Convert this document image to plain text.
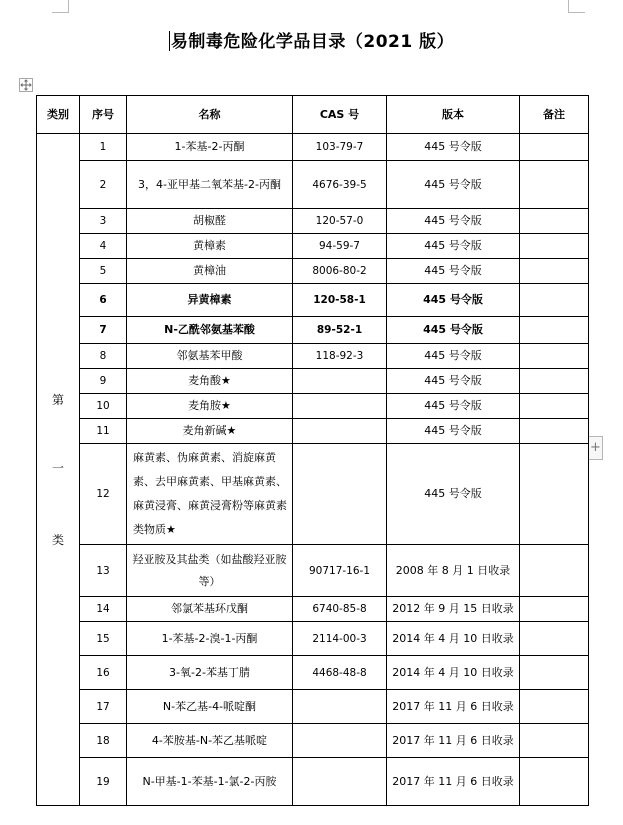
易制毒危险化学品目录（2021 版）
+
类别	序号	名称	CAS 号	版本	备注

第
一
类	1	1-苯基-2-丙酮	103-79-7	445 号令版	
	2	3，4-亚甲基二氧苯基-2-丙酮	4676-39-5	445 号令版	
	3	胡椒醛	120-57-0	445 号令版	
	4	黄樟素	94-59-7	445 号令版	
	5	黄樟油	8006-80-2	445 号令版	
	6	异黄樟素	120-58-1	445 号令版	
	7	N-乙酰邻氨基苯酸	89-52-1	445 号令版	
	8	邻氨基苯甲酸	118-92-3	445 号令版	
	9	麦角酸★		445 号令版	
	10	麦角胺★		445 号令版	
	11	麦角新碱★		445 号令版	
	12	麻黄素、伪麻黄素、消旋麻黄素、去甲麻黄素、甲基麻黄素、麻黄浸膏、麻黄浸膏粉等麻黄素类物质★		445 号令版	
	13	羟亚胺及其盐类（如盐酸羟亚胺等）	90717-16-1	2008 年 8 月 1 日收录	
	14	邻氯苯基环戊酮	6740-85-8	2012 年 9 月 15 日收录	
	15	1-苯基-2-溴-1-丙酮	2114-00-3	2014 年 4 月 10 日收录	
	16	3-氧-2-苯基丁腈	4468-48-8	2014 年 4 月 10 日收录	
	17	N-苯乙基-4-哌啶酮		2017 年 11 月 6 日收录	
	18	4-苯胺基-N-苯乙基哌啶		2017 年 11 月 6 日收录	
	19	N-甲基-1-苯基-1-氯-2-丙胺		2017 年 11 月 6 日收录	
